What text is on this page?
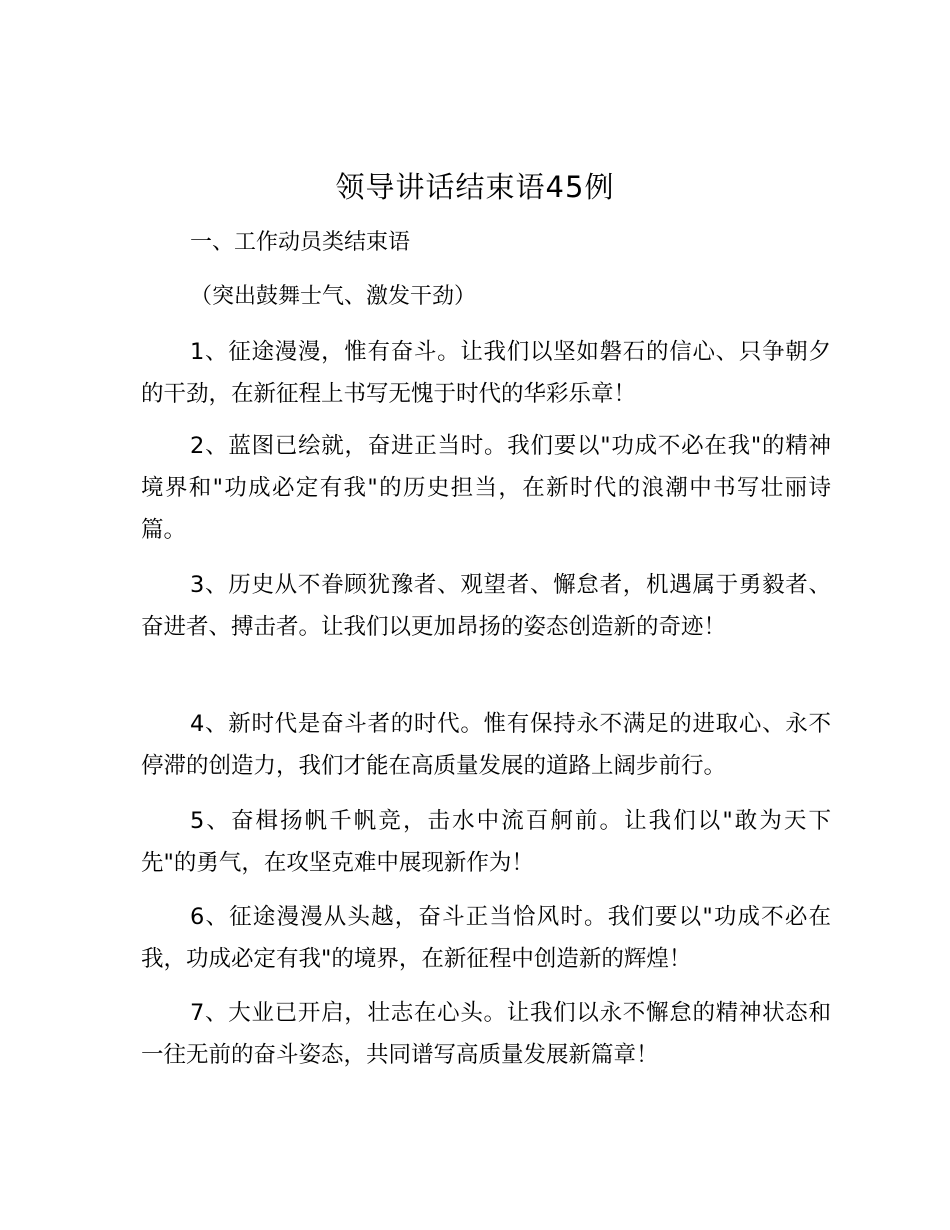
领导讲话结束语45例
一、工作动员类结束语
（突出鼓舞士气、激发干劲）

1、征途漫漫，惟有奋斗。让我们以坚如磐石的信心、只争朝夕的干劲，在新征程上书写无愧于时代的华彩乐章！

2、蓝图已绘就，奋进正当时。我们要以"功成不必在我"的精神境界和"功成必定有我"的历史担当，在新时代的浪潮中书写壮丽诗篇。

3、历史从不眷顾犹豫者、观望者、懈怠者，机遇属于勇毅者、奋进者、搏击者。让我们以更加昂扬的姿态创造新的奇迹！

4、新时代是奋斗者的时代。惟有保持永不满足的进取心、永不停滞的创造力，我们才能在高质量发展的道路上阔步前行。

5、奋楫扬帆千帆竞，击水中流百舸前。让我们以"敢为天下先"的勇气，在攻坚克难中展现新作为！

6、征途漫漫从头越，奋斗正当恰风时。我们要以"功成不必在我，功成必定有我"的境界，在新征程中创造新的辉煌！

7、大业已开启，壮志在心头。让我们以永不懈怠的精神状态和一往无前的奋斗姿态，共同谱写高质量发展新篇章！
